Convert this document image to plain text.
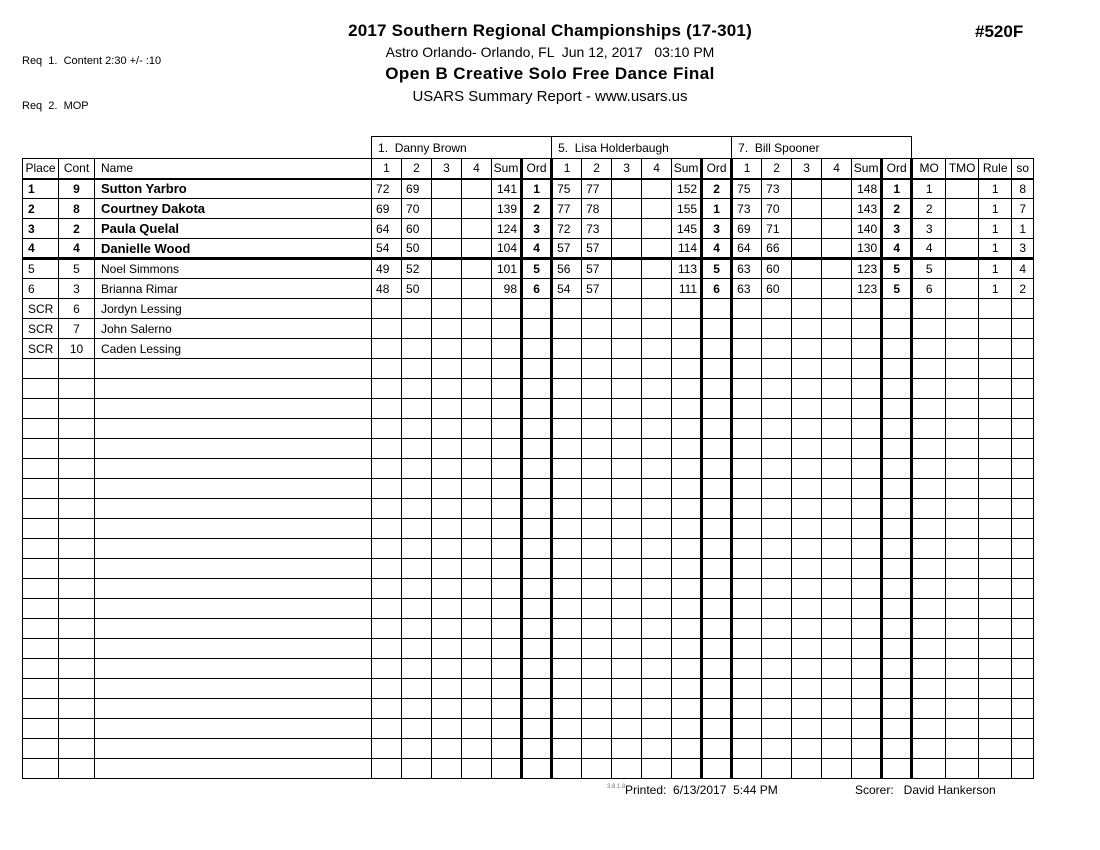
Req  1.  Content 2:30 +/- :10

Req  2.  MOP

#520F
2017 Southern Regional Championships (17-301)
Astro Orlando- Orlando, FL  Jun 12, 2017   03:10 PM
Open B Creative Solo Free Dance Final
USARS Summary Report - www.usars.us
			1.  Danny Brown						5.  Lisa Holderbaugh						7.  Bill Spooner									
Place	Cont	Name	1	2	3	4	Sum	Ord	1	2	3	4	Sum	Ord	1	2	3	4	Sum	Ord	MO	TMO	Rule	so
1	9	Sutton Yarbro	72	69			141	1	75	77			152	2	75	73			148	1	1		1	8
2	8	Courtney Dakota	69	70			139	2	77	78			155	1	73	70			143	2	2		1	7
3	2	Paula Quelal	64	60			124	3	72	73			145	3	69	71			140	3	3		1	1
4	4	Danielle Wood	54	50			104	4	57	57			114	4	64	66			130	4	4		1	3
5	5	Noel Simmons	49	52			101	5	56	57			113	5	63	60			123	5	5		1	4
6	3	Brianna Rimar	48	50			98	6	54	57			111	6	63	60			123	5	6		1	2
SCR	6	Jordyn Lessing																						
SCR	7	John Salerno																						
SCR	10	Caden Lessing																						

3.8.1.8 Printed:  6/13/2017  5:44 PM	Scorer:   David Hankerson
